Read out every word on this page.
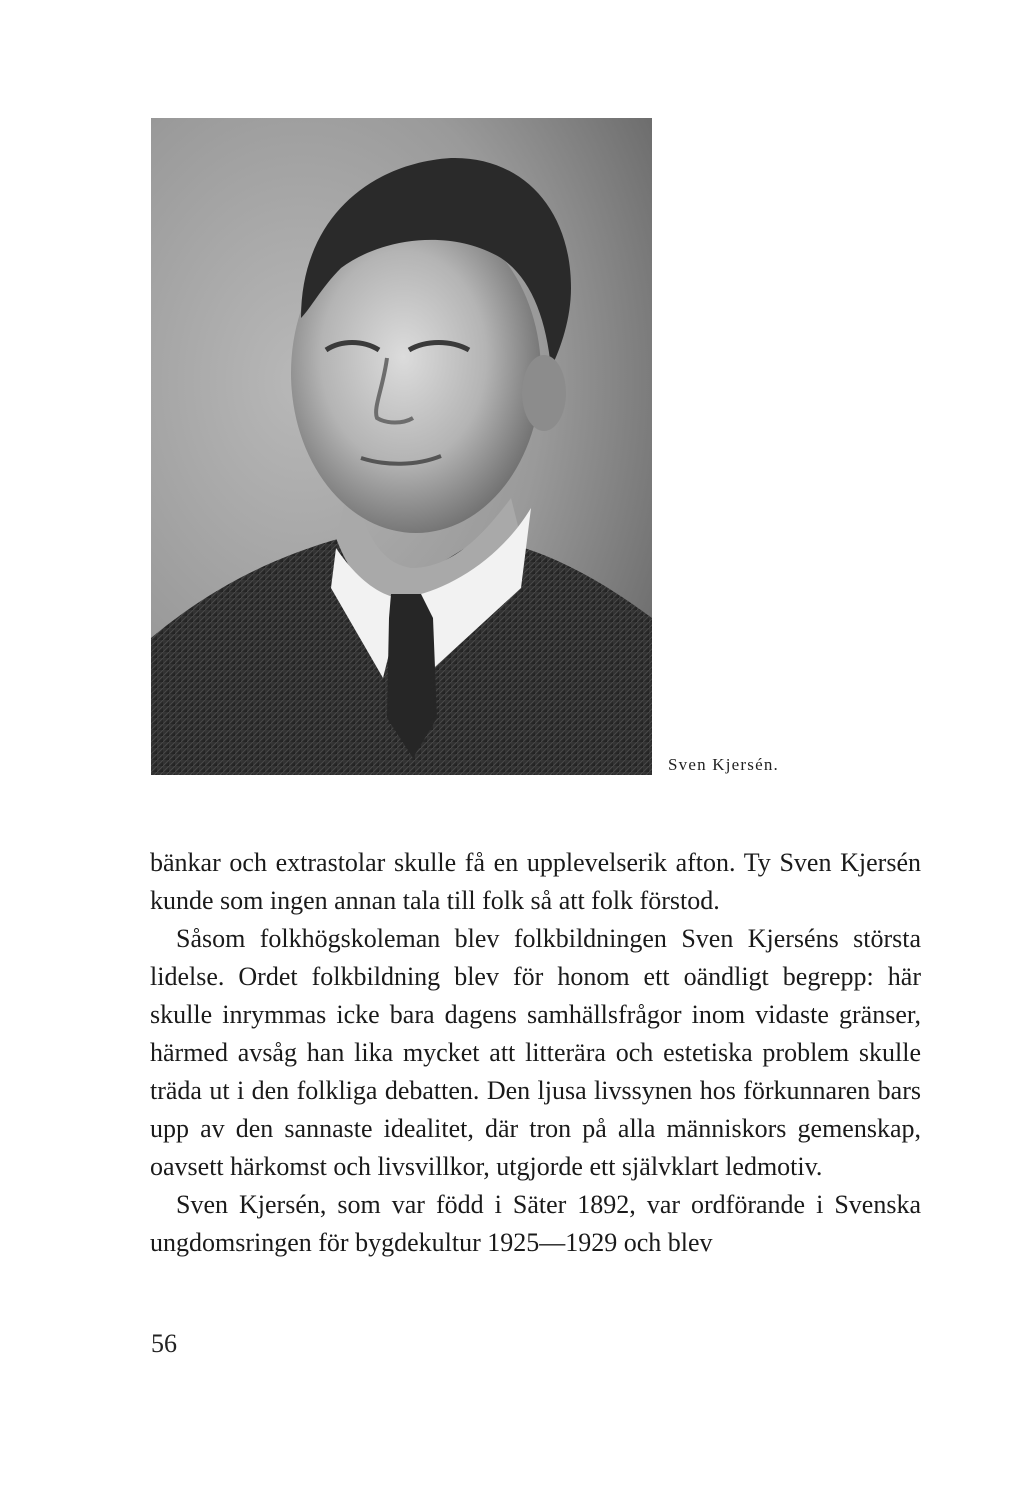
Sven Kjersén.

bänkar och extrastolar skulle få en upplevelserik afton. Ty Sven Kjersén kunde som ingen annan tala till folk så att folk förstod.

Såsom folkhögskoleman blev folkbildningen Sven Kjerséns största lidelse. Ordet folkbildning blev för honom ett oändligt begrepp: här skulle inrymmas icke bara dagens samhällsfrågor inom vidaste gränser, härmed avsåg han lika mycket att litterära och estetiska problem skulle träda ut i den folkliga debatten. Den ljusa livssynen hos förkunnaren bars upp av den sannaste idealitet, där tron på alla människors gemenskap, oavsett härkomst och livsvillkor, utgjorde ett självklart ledmotiv.

Sven Kjersén, som var född i Säter 1892, var ordförande i Svenska ungdomsringen för bygdekultur 1925—1929 och blev

56
